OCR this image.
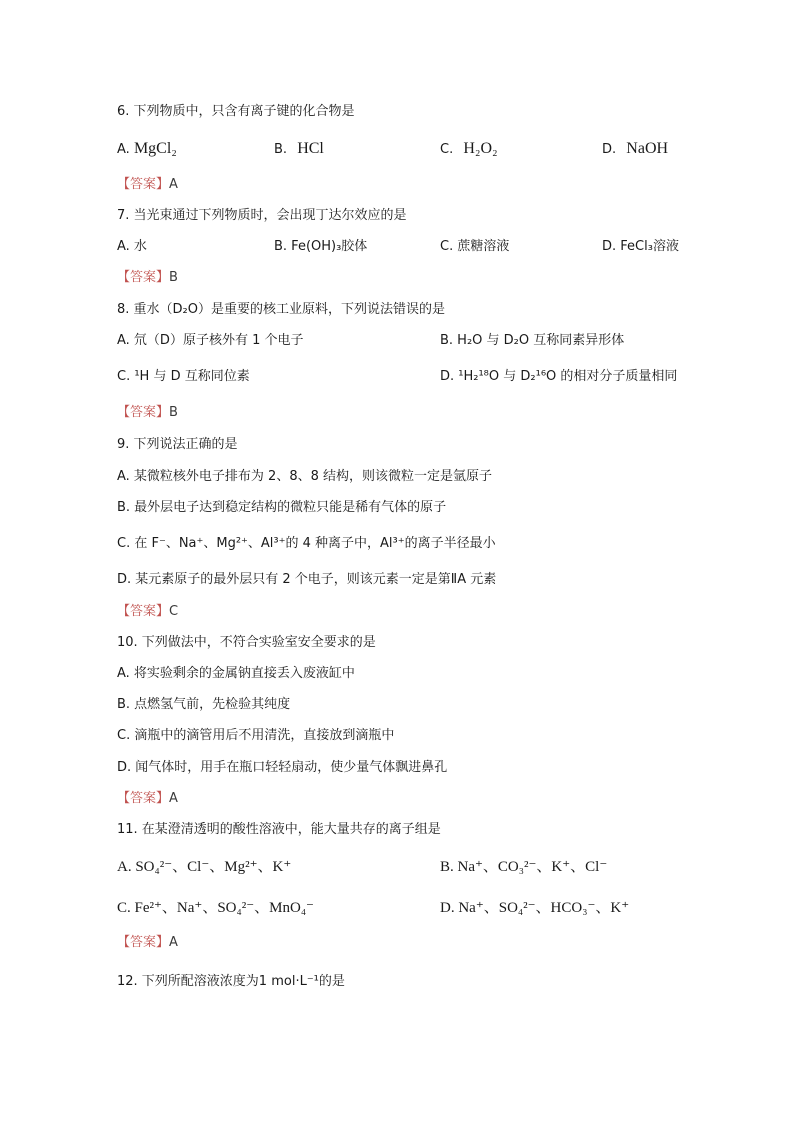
6. 下列物质中，只含有离子键的化合物是
A. MgCl₂	B. HCl	C. H₂O₂	D. NaOH
【答案】A
7. 当光束通过下列物质时，会出现丁达尔效应的是
A. 水	B. Fe(OH)₃胶体	C. 蔗糖溶液	D. FeCl₃溶液
【答案】B
8. 重水（D₂O）是重要的核工业原料，下列说法错误的是
A. 氘（D）原子核外有 1 个电子	B. H₂O 与 D₂O 互称同素异形体
C. ¹H 与 D 互称同位素	D. ¹H₂¹⁸O 与 D₂¹⁶O 的相对分子质量相同
【答案】B
9. 下列说法正确的是
A. 某微粒核外电子排布为 2、8、8 结构，则该微粒一定是氩原子
B. 最外层电子达到稳定结构的微粒只能是稀有气体的原子
C. 在 F⁻、Na⁺、Mg²⁺、Al³⁺的 4 种离子中，Al³⁺的离子半径最小
D. 某元素原子的最外层只有 2 个电子，则该元素一定是第ⅡA 元素
【答案】C
10. 下列做法中，不符合实验室安全要求的是
A. 将实验剩余的金属钠直接丢入废液缸中
B. 点燃氢气前，先检验其纯度
C. 滴瓶中的滴管用后不用清洗，直接放到滴瓶中
D. 闻气体时，用手在瓶口轻轻扇动，使少量气体飘进鼻孔
【答案】A
11. 在某澄清透明的酸性溶液中，能大量共存的离子组是
A. SO₄²⁻、Cl⁻、Mg²⁺、K⁺	B. Na⁺、CO₃²⁻、K⁺、Cl⁻
C. Fe²⁺、Na⁺、SO₄²⁻、MnO₄⁻	D. Na⁺、SO₄²⁻、HCO₃⁻、K⁺
【答案】A
12. 下列所配溶液浓度为1 mol·L⁻¹的是
